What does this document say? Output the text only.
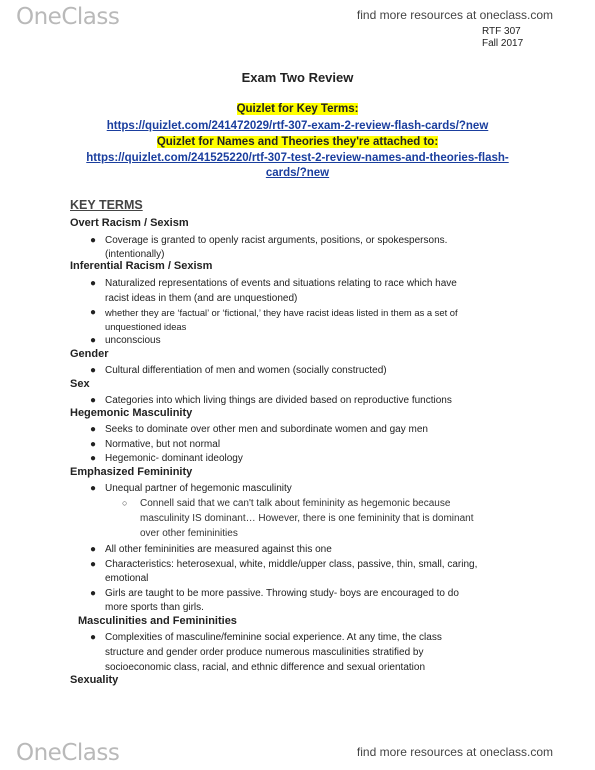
OneClass	find more resources at oneclass.com
RTF 307
Fall 2017
Exam Two Review
Quizlet for Key Terms:
https://quizlet.com/241472029/rtf-307-exam-2-review-flash-cards/?new
Quizlet for Names and Theories they're attached to:
https://quizlet.com/241525220/rtf-307-test-2-review-names-and-theories-flash-
cards/?new
KEY TERMS
Overt Racism / Sexism
● Coverage is granted to openly racist arguments, positions, or spokespersons.
(intentionally)
Inferential Racism / Sexism
● Naturalized representations of events and situations relating to race which have
racist ideas in them (and are unquestioned)
● whether they are ‘factual’ or ‘fictional,’ they have racist ideas listed in them as a set of
unquestioned ideas
● unconscious
Gender
● Cultural differentiation of men and women (socially constructed)
Sex
● Categories into which living things are divided based on reproductive functions
Hegemonic Masculinity
● Seeks to dominate over other men and subordinate women and gay men
● Normative, but not normal
● Hegemonic- dominant ideology
Emphasized Femininity
● Unequal partner of hegemonic masculinity
○ Connell said that we can't talk about femininity as hegemonic because
masculinity IS dominant… However, there is one femininity that is dominant
over other femininities
● All other femininities are measured against this one
● Characteristics: heterosexual, white, middle/upper class, passive, thin, small, caring,
emotional
● Girls are taught to be more passive. Throwing study- boys are encouraged to do
more sports than girls.
Masculinities and Femininities
● Complexities of masculine/feminine social experience. At any time, the class
structure and gender order produce numerous masculinities stratified by
socioeconomic class, racial, and ethnic difference and sexual orientation
Sexuality
OneClass	find more resources at oneclass.com
